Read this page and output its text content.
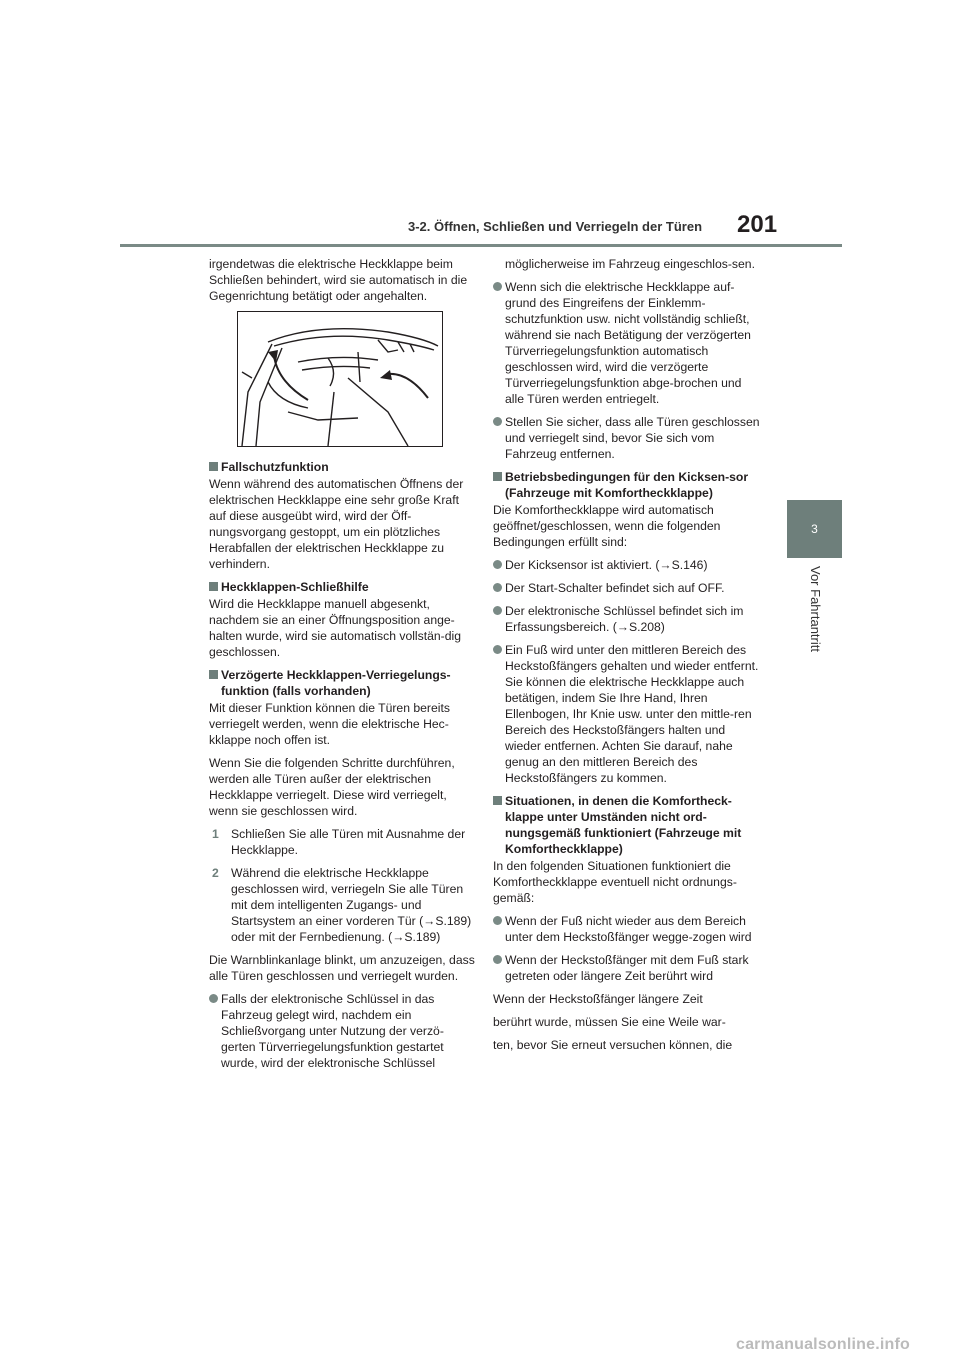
3-2. Öffnen, Schließen und Verriegeln der Türen 201
3
Vor Fahrtantritt

irgendetwas die elektrische Heckklappe beim Schließen behindert, wird sie automatisch in die Gegenrichtung betätigt oder angehalten.

Fallschutzfunktion

Wenn während des automatischen Öffnens der elektrischen Heckklappe eine sehr große Kraft auf diese ausgeübt wird, wird der Öff-nungsvorgang gestoppt, um ein plötzliches Herabfallen der elektrischen Heckklappe zu verhindern.

Heckklappen-Schließhilfe

Wird die Heckklappe manuell abgesenkt, nachdem sie an einer Öffnungsposition ange-halten wurde, wird sie automatisch vollstän-dig geschlossen.

Verzögerte Heckklappen-Verriegelungs-funktion (falls vorhanden)

Mit dieser Funktion können die Türen bereits verriegelt werden, wenn die elektrische Hec-kklappe noch offen ist.

Wenn Sie die folgenden Schritte durchführen, werden alle Türen außer der elektrischen Heckklappe verriegelt. Diese wird verriegelt, wenn sie geschlossen wird.

1 Schließen Sie alle Türen mit Ausnahme der Heckklappe.
2 Während die elektrische Heckklappe geschlossen wird, verriegeln Sie alle Türen mit dem intelligenten Zugangs- und Startsystem an einer vorderen Tür (→S.189) oder mit der Fernbedienung. (→S.189)

Die Warnblinkanlage blinkt, um anzuzeigen, dass alle Türen geschlossen und verriegelt wurden.

Falls der elektronische Schlüssel in das Fahrzeug gelegt wird, nachdem ein Schließvorgang unter Nutzung der verzö-gerten Türverriegelungsfunktion gestartet wurde, wird der elektronische Schlüssel

möglicherweise im Fahrzeug eingeschlos-sen.

Wenn sich die elektrische Heckklappe auf-grund des Eingreifens der Einklemm-schutzfunktion usw. nicht vollständig schließt, während sie nach Betätigung der verzögerten Türverriegelungsfunktion automatisch geschlossen wird, wird die verzögerte Türverriegelungsfunktion abge-brochen und alle Türen werden entriegelt.

Stellen Sie sicher, dass alle Türen geschlossen und verriegelt sind, bevor Sie sich vom Fahrzeug entfernen.

Betriebsbedingungen für den Kicksen-sor (Fahrzeuge mit Komfortheckklappe)

Die Komfortheckklappe wird automatisch geöffnet/geschlossen, wenn die folgenden Bedingungen erfüllt sind:

Der Kicksensor ist aktiviert. (→S.146)

Der Start-Schalter befindet sich auf OFF.

Der elektronische Schlüssel befindet sich im Erfassungsbereich. (→S.208)

Ein Fuß wird unter den mittleren Bereich des Heckstoßfängers gehalten und wieder entfernt.
Sie können die elektrische Heckklappe auch betätigen, indem Sie Ihre Hand, Ihren Ellenbogen, Ihr Knie usw. unter den mittle-ren Bereich des Heckstoßfängers halten und wieder entfernen. Achten Sie darauf, nahe genug an den mittleren Bereich des Heckstoßfängers zu kommen.

Situationen, in denen die Komfortheck-klappe unter Umständen nicht ord-nungsgemäß funktioniert (Fahrzeuge mit Komfortheckklappe)

In den folgenden Situationen funktioniert die Komfortheckklappe eventuell nicht ordnungs-gemäß:

Wenn der Fuß nicht wieder aus dem Bereich unter dem Heckstoßfänger wegge-zogen wird

Wenn der Heckstoßfänger mit dem Fuß stark getreten oder längere Zeit berührt wird

Wenn der Heckstoßfänger längere Zeit

berührt wurde, müssen Sie eine Weile war-

ten, bevor Sie erneut versuchen können, die

carmanualsonline.info
